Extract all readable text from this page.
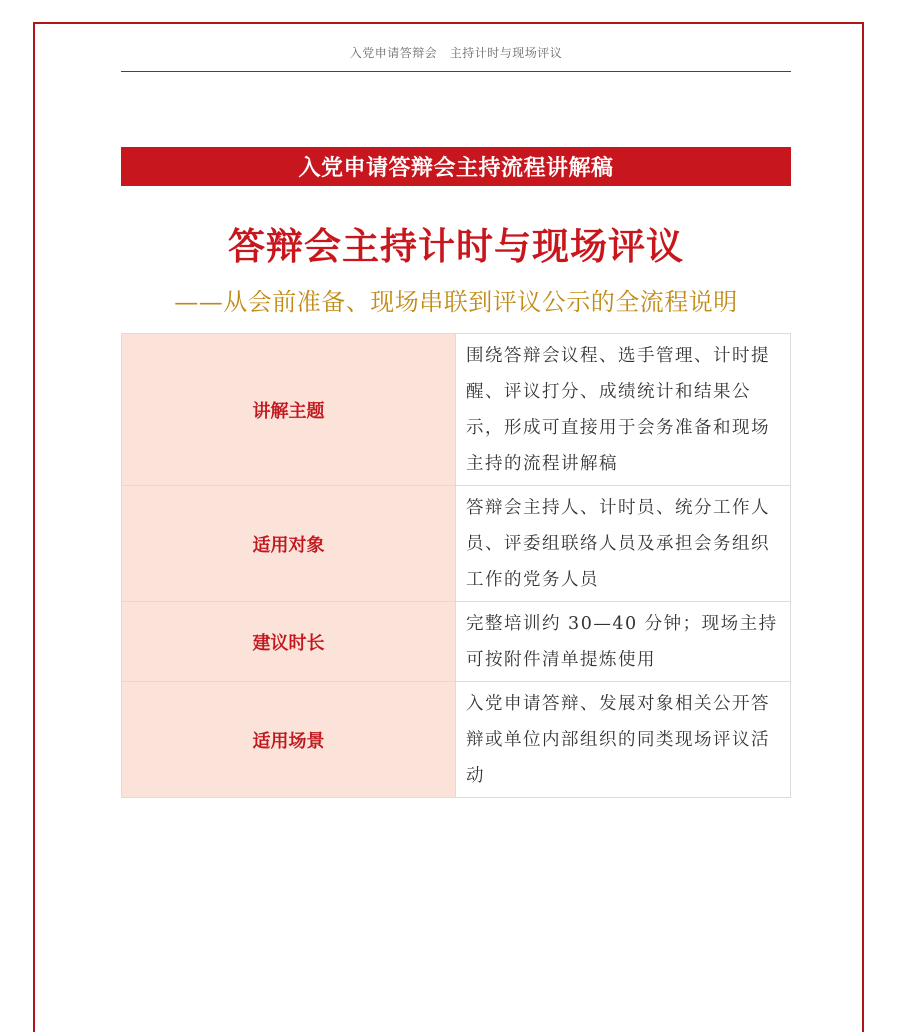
入党申请答辩会　主持计时与现场评议
入党申请答辩会主持流程讲解稿
答辩会主持计时与现场评议
——从会前准备、现场串联到评议公示的全流程说明
讲解主题	围绕答辩会议程、选手管理、计时提醒、评议打分、成绩统计和结果公示，形成可直接用于会务准备和现场主持的流程讲解稿
适用对象	答辩会主持人、计时员、统分工作人员、评委组联络人员及承担会务组织工作的党务人员
建议时长	完整培训约 30—40 分钟；现场主持可按附件清单提炼使用
适用场景	入党申请答辩、发展对象相关公开答辩或单位内部组织的同类现场评议活动
